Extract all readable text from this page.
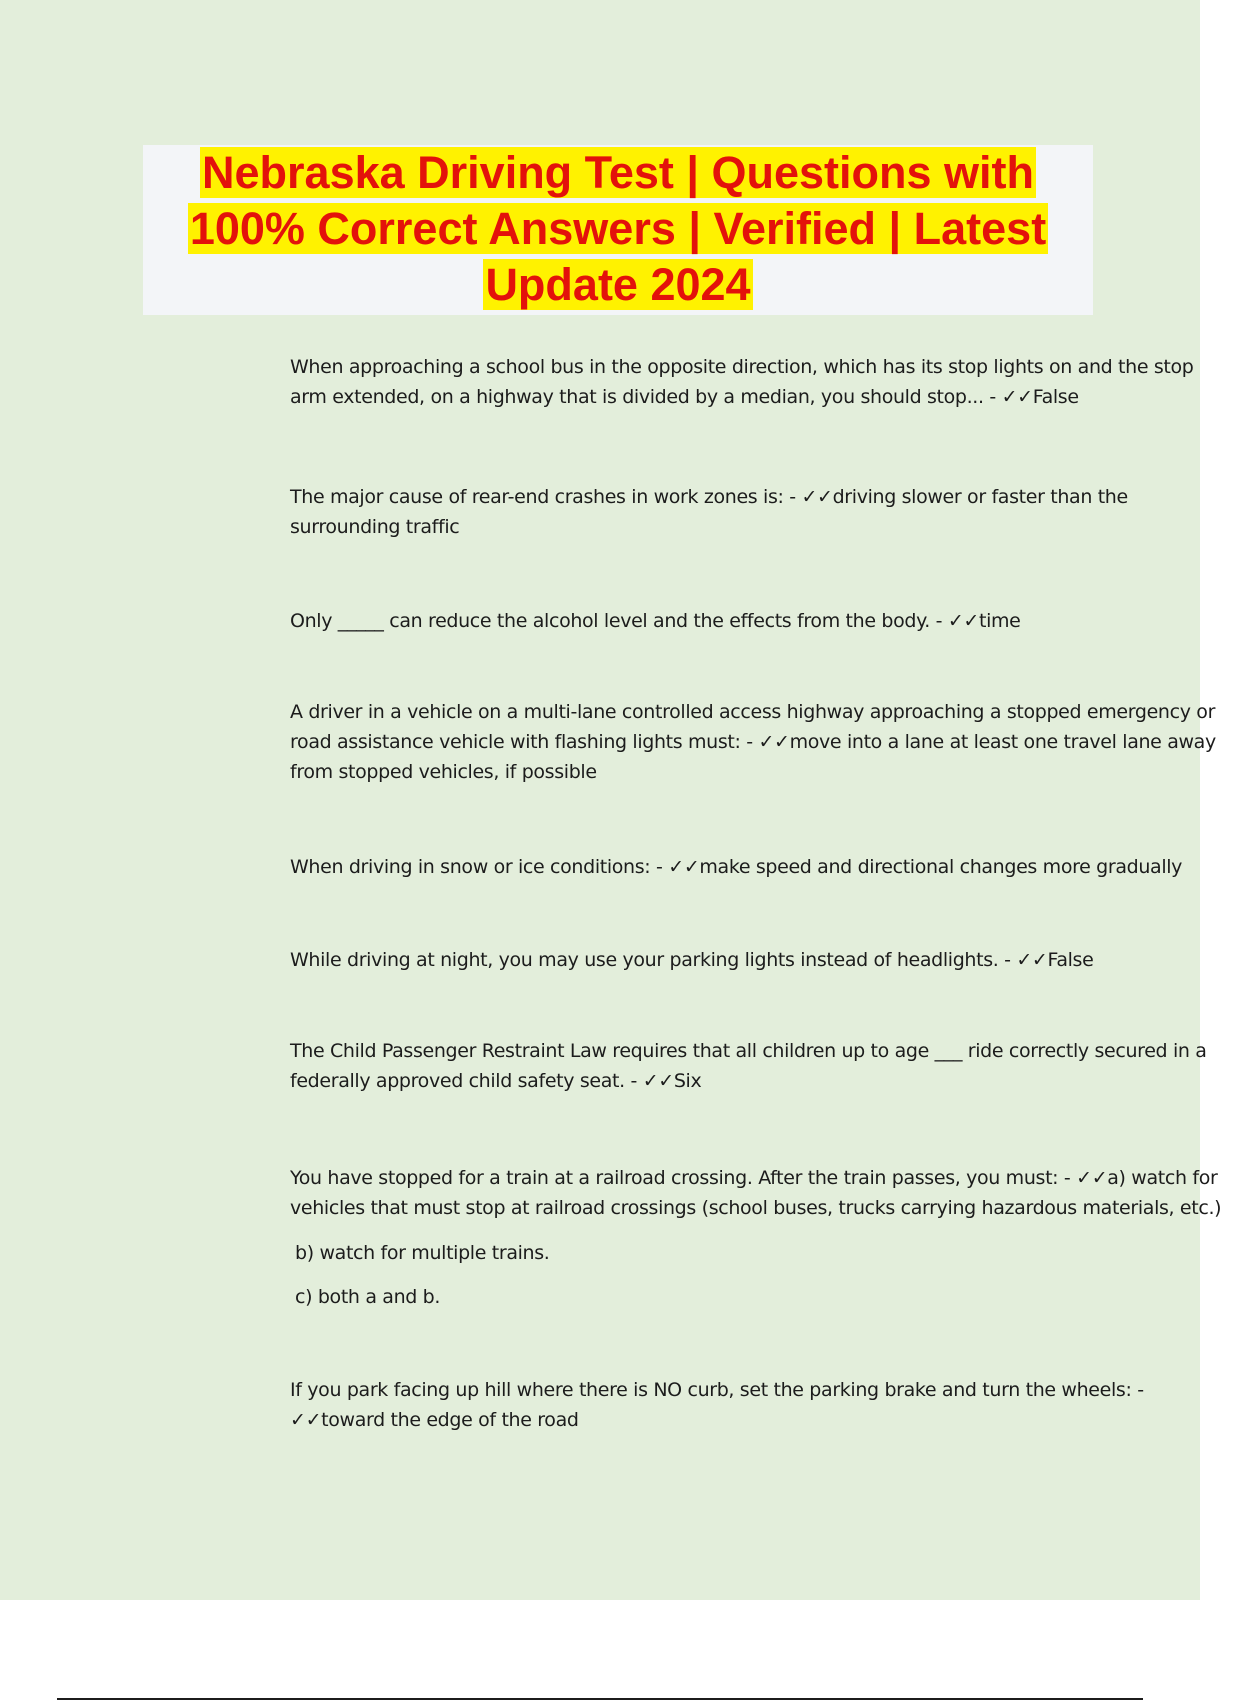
Nebraska Driving Test | Questions with
100% Correct Answers | Verified | Latest
Update 2024

When approaching a school bus in the opposite direction, which has its stop lights on and the stop arm extended, on a highway that is divided by a median, you should stop... - ✓✓False

The major cause of rear-end crashes in work zones is: - ✓✓driving slower or faster than the surrounding traffic

Only _____ can reduce the alcohol level and the effects from the body. - ✓✓time

A driver in a vehicle on a multi-lane controlled access highway approaching a stopped emergency or road assistance vehicle with flashing lights must: - ✓✓move into a lane at least one travel lane away from stopped vehicles, if possible

When driving in snow or ice conditions: - ✓✓make speed and directional changes more gradually

While driving at night, you may use your parking lights instead of headlights. - ✓✓False

The Child Passenger Restraint Law requires that all children up to age ___ ride correctly secured in a federally approved child safety seat. - ✓✓Six

You have stopped for a train at a railroad crossing. After the train passes, you must: - ✓✓a) watch for vehicles that must stop at railroad crossings (school buses, trucks carrying hazardous materials, etc.)

b) watch for multiple trains.

c) both a and b.

If you park facing up hill where there is NO curb, set the parking brake and turn the wheels: - ✓✓toward the edge of the road
